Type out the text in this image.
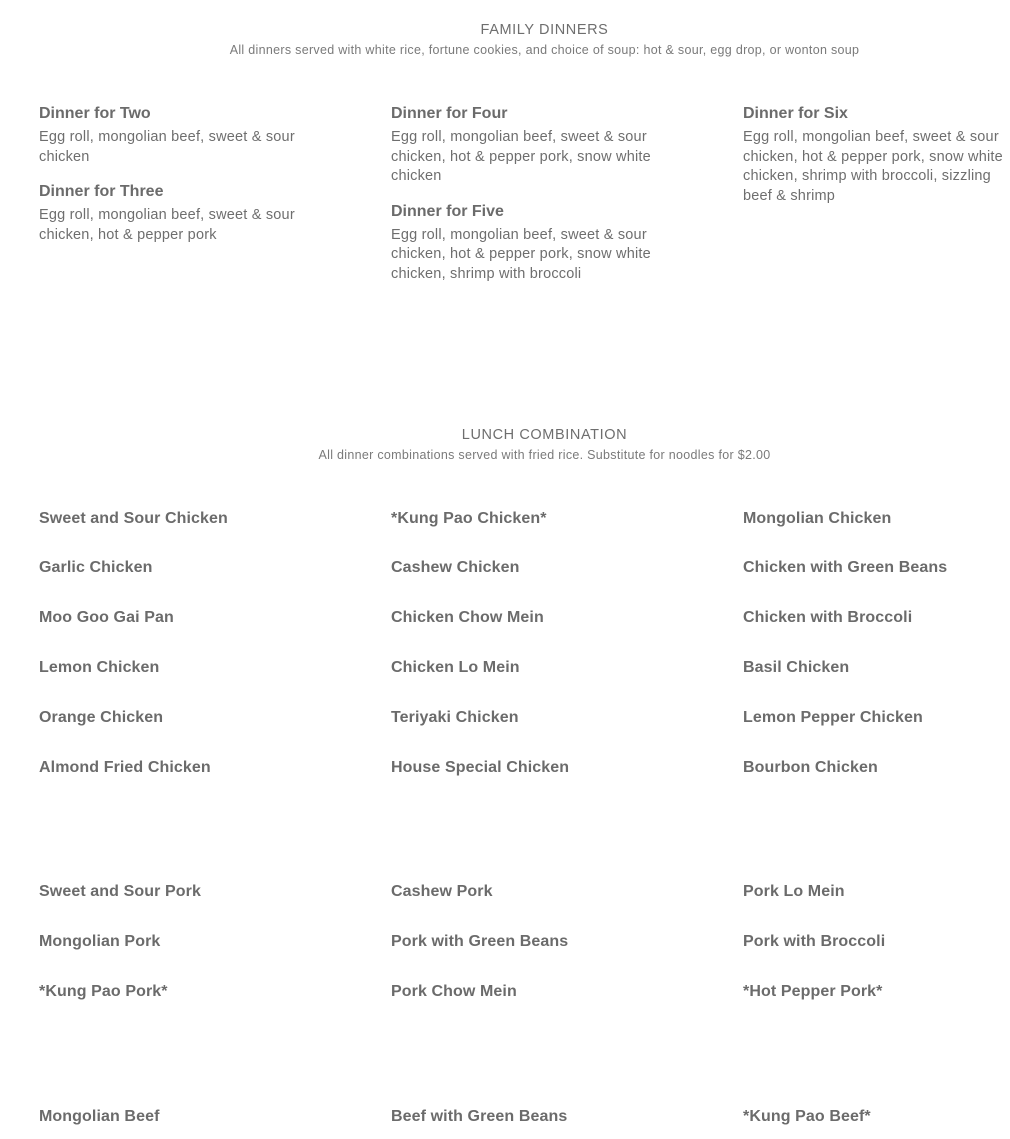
FAMILY DINNERS
All dinners served with white rice, fortune cookies, and choice of soup: hot & sour, egg drop, or wonton soup
Dinner for Two
Egg roll, mongolian beef, sweet & sour chicken
Dinner for Three
Egg roll, mongolian beef, sweet & sour chicken, hot & pepper pork
Dinner for Four
Egg roll, mongolian beef, sweet & sour chicken, hot & pepper pork, snow white chicken
Dinner for Five
Egg roll, mongolian beef, sweet & sour chicken, hot & pepper pork, snow white chicken, shrimp with broccoli
Dinner for Six
Egg roll, mongolian beef, sweet & sour chicken, hot & pepper pork, snow white chicken, shrimp with broccoli, sizzling beef & shrimp
LUNCH COMBINATION
All dinner combinations served with fried rice. Substitute for noodles for $2.00
Sweet and Sour Chicken	*Kung Pao Chicken*	Mongolian Chicken
Garlic Chicken	Cashew Chicken	Chicken with Green Beans
Moo Goo Gai Pan	Chicken Chow Mein	Chicken with Broccoli
Lemon Chicken	Chicken Lo Mein	Basil Chicken
Orange Chicken	Teriyaki Chicken	Lemon Pepper Chicken
Almond Fried Chicken	House Special Chicken	Bourbon Chicken
Sweet and Sour Pork	Cashew Pork	Pork Lo Mein
Mongolian Pork	Pork with Green Beans	Pork with Broccoli
*Kung Pao Pork*	Pork Chow Mein	*Hot Pepper Pork*
Mongolian Beef	Beef with Green Beans	*Kung Pao Beef*
